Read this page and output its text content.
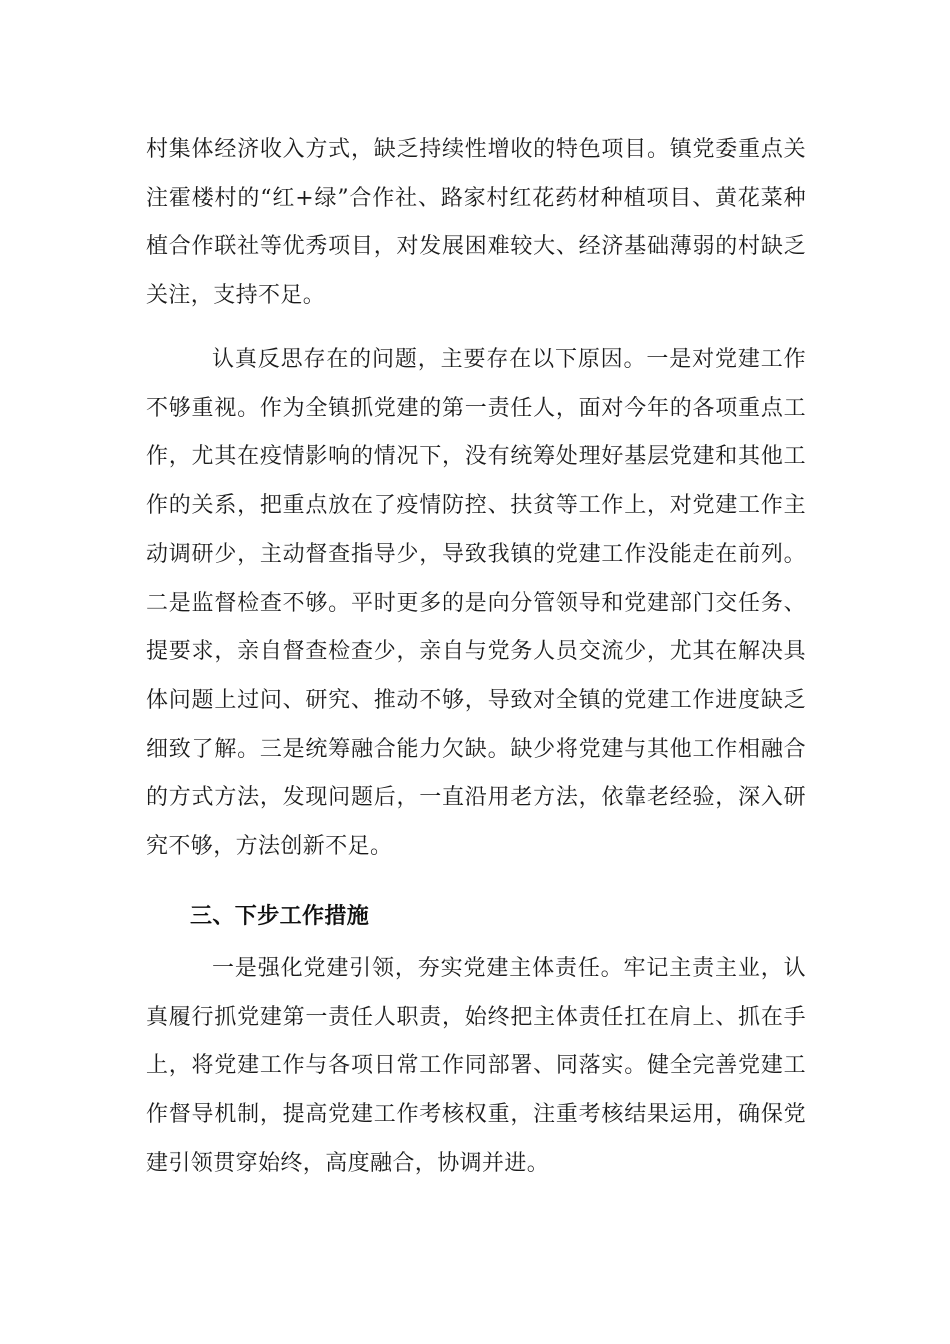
村集体经济收入方式，缺乏持续性增收的特色项目。镇党委重点关注霍楼村的“红+绿”合作社、路家村红花药材种植项目、黄花菜种植合作联社等优秀项目，对发展困难较大、经济基础薄弱的村缺乏关注，支持不足。
认真反思存在的问题，主要存在以下原因。一是对党建工作不够重视。作为全镇抓党建的第一责任人，面对今年的各项重点工作，尤其在疫情影响的情况下，没有统筹处理好基层党建和其他工作的关系，把重点放在了疫情防控、扶贫等工作上，对党建工作主动调研少，主动督查指导少，导致我镇的党建工作没能走在前列。二是监督检查不够。平时更多的是向分管领导和党建部门交任务、提要求，亲自督查检查少，亲自与党务人员交流少，尤其在解决具体问题上过问、研究、推动不够，导致对全镇的党建工作进度缺乏细致了解。三是统筹融合能力欠缺。缺少将党建与其他工作相融合的方式方法，发现问题后，一直沿用老方法，依靠老经验，深入研究不够，方法创新不足。
三、下步工作措施
一是强化党建引领，夯实党建主体责任。牢记主责主业，认真履行抓党建第一责任人职责，始终把主体责任扛在肩上、抓在手上，将党建工作与各项日常工作同部署、同落实。健全完善党建工作督导机制，提高党建工作考核权重，注重考核结果运用，确保党建引领贯穿始终，高度融合，协调并进。
